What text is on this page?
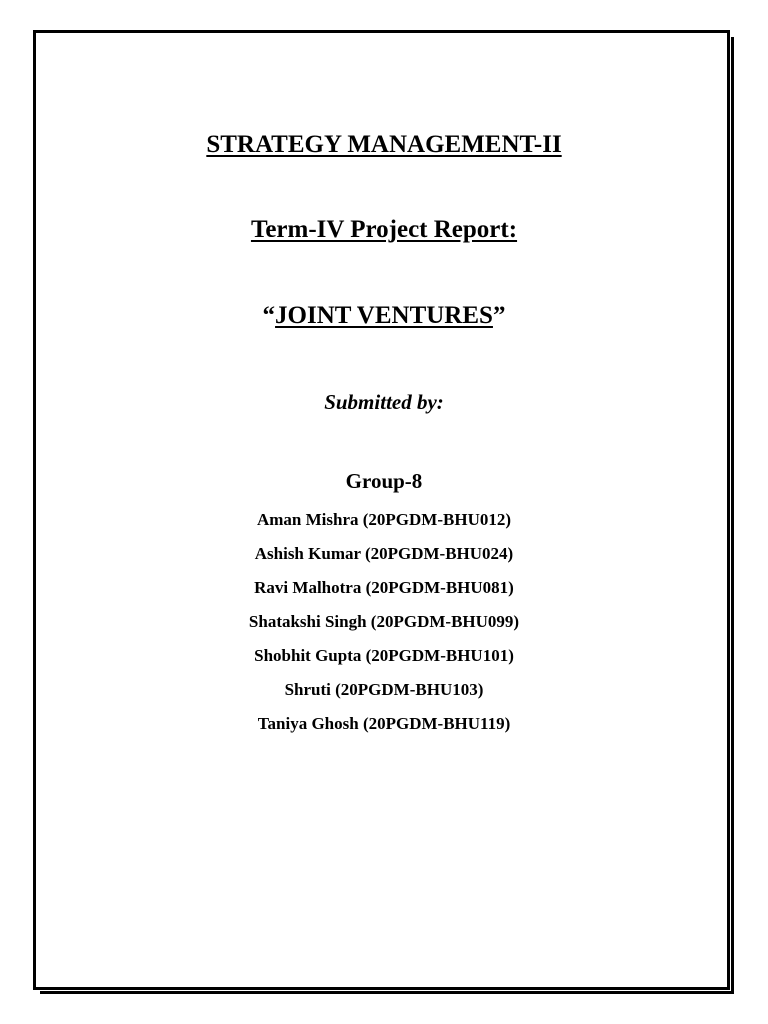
STRATEGY MANAGEMENT-II
Term-IV Project Report:
“JOINT VENTURES”
Submitted by:
Group-8
Aman Mishra (20PGDM-BHU012)
Ashish Kumar (20PGDM-BHU024)
Ravi Malhotra (20PGDM-BHU081)
Shatakshi Singh (20PGDM-BHU099)
Shobhit Gupta (20PGDM-BHU101)
Shruti (20PGDM-BHU103)
Taniya Ghosh (20PGDM-BHU119)
